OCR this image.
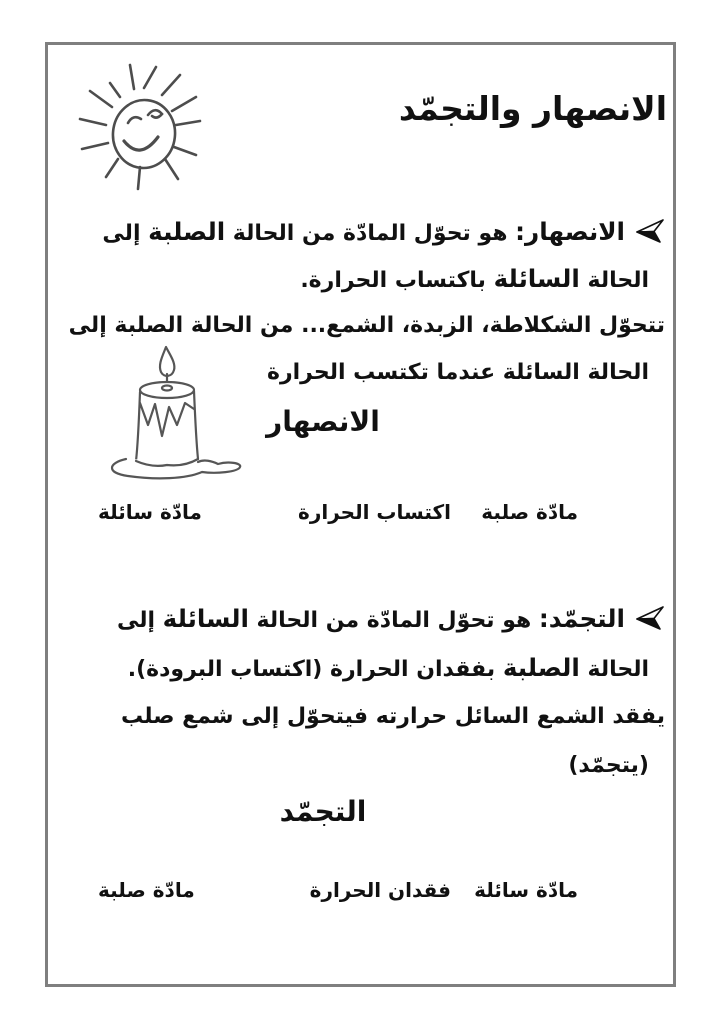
الانصهار والتجمّد
الانصهار: هو تحوّل المادّة من الحالة الصلبة إلى
الحالة السائلة باكتساب الحرارة.
تتحوّل الشكلاطة، الزبدة، الشمع... من الحالة الصلبة إلى
الحالة السائلة عندما تكتسب الحرارة
الانصهار
مادّة صلبة
اكتساب الحرارة
مادّة سائلة
التجمّد: هو تحوّل المادّة من الحالة السائلة إلى
الحالة الصلبة بفقدان الحرارة (اكتساب البرودة).
يفقد الشمع السائل حرارته فيتحوّل إلى شمع صلب
(يتجمّد)
التجمّد
مادّة سائلة
فقدان الحرارة
مادّة صلبة
